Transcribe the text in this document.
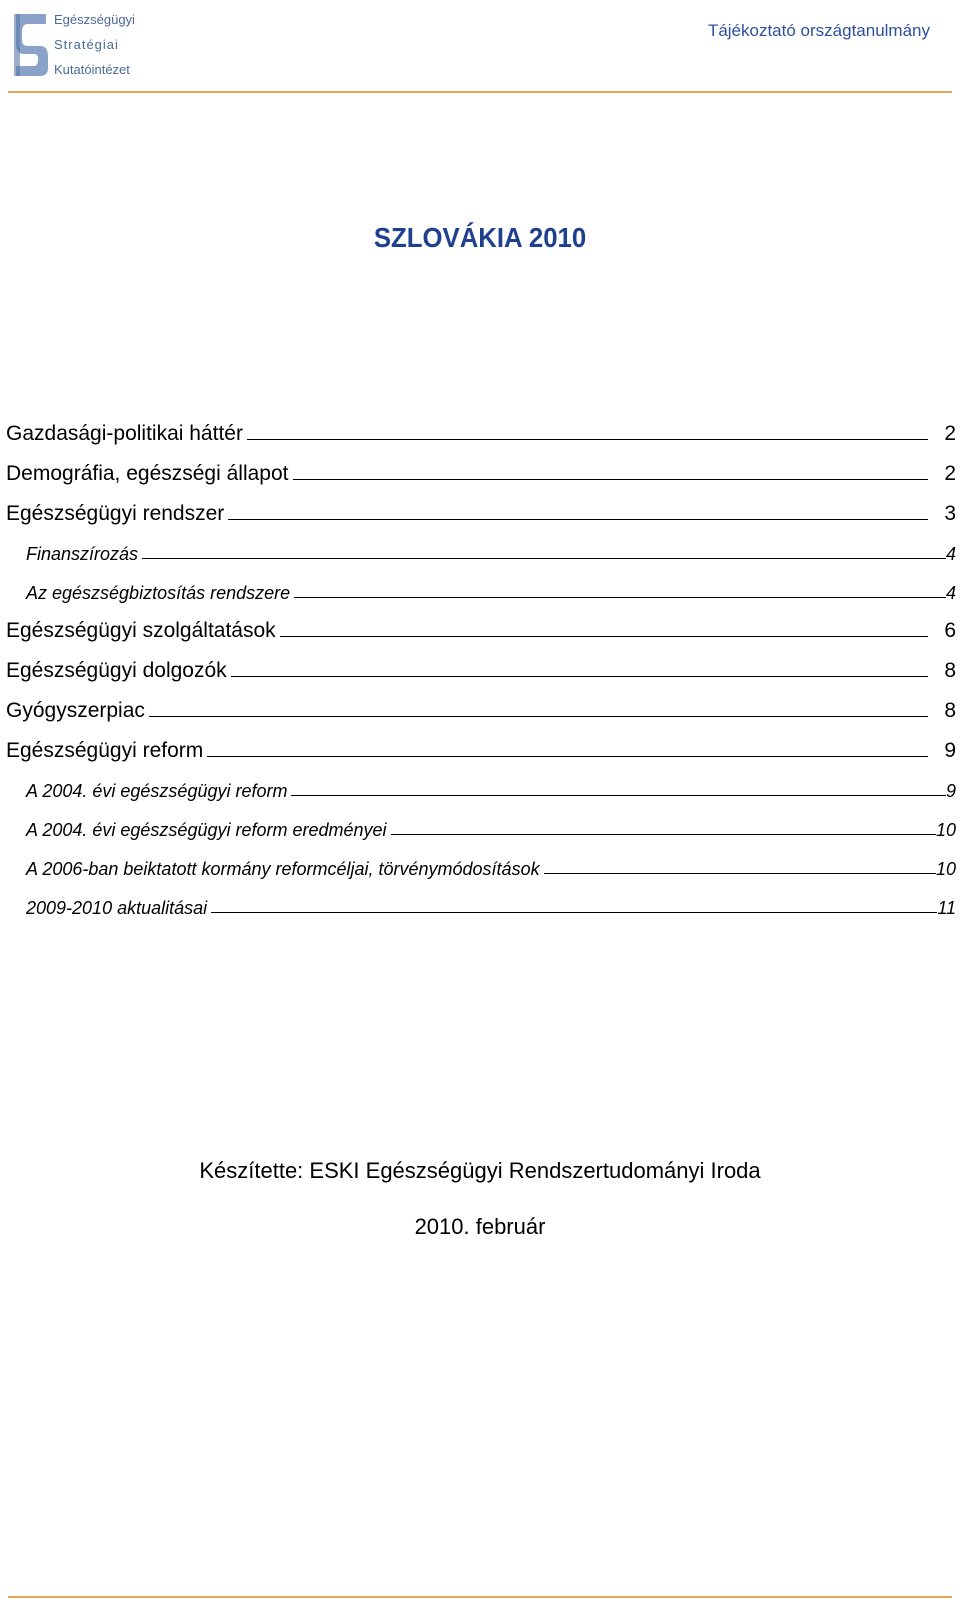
Egészségügyi
Stratégiai
Kutatóintézet
Tájékoztató országtanulmány
SZLOVÁKIA 2010
Gazdasági-politikai háttér	2
Demográfia, egészségi állapot	2
Egészségügyi rendszer	3
Finanszírozás	4
Az egészségbiztosítás rendszere	4
Egészségügyi szolgáltatások	6
Egészségügyi dolgozók	8
Gyógyszerpiac	8
Egészségügyi reform	9
A 2004. évi egészségügyi reform	9
A 2004. évi egészségügyi reform eredményei	10
A 2006-ban beiktatott kormány reformcéljai, törvénymódosítások	10
2009-2010 aktualitásai	11
Készítette: ESKI Egészségügyi Rendszertudományi Iroda
2010. február
